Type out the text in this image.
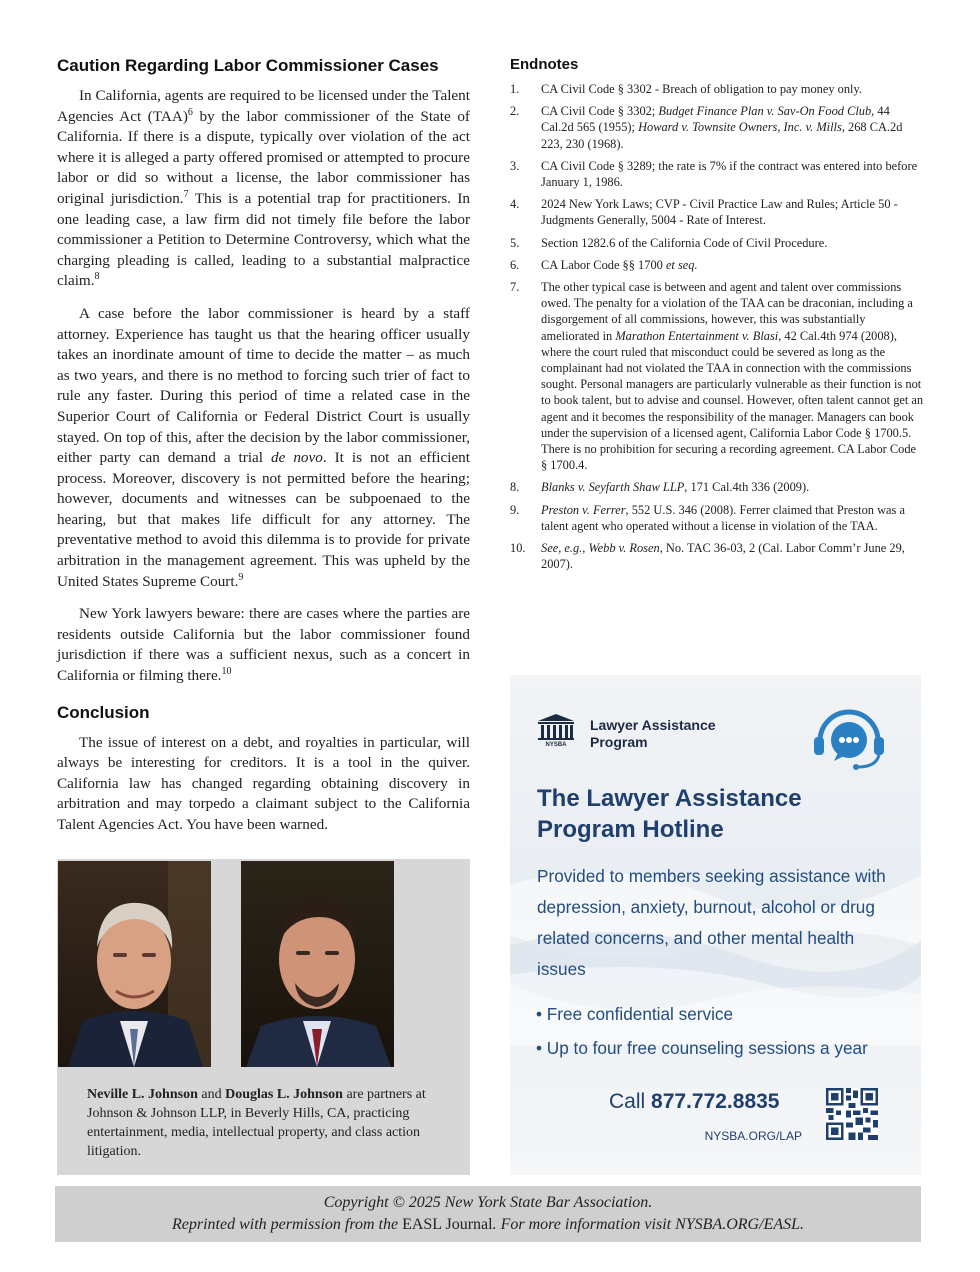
Caution Regarding Labor Commissioner Cases

In California, agents are required to be licensed under the Talent Agencies Act (TAA)$^6$ by the labor commissioner of the State of California. If there is a dispute, typically over violation of the act where it is alleged a party offered promised or attempted to procure labor or did so without a license, the labor commissioner has original jurisdiction.$^7$ This is a potential trap for practitioners. In one leading case, a law firm did not timely file before the labor commissioner a Petition to Determine Controversy, which what the charging pleading is called, leading to a substantial malpractice claim.$^8$

A case before the labor commissioner is heard by a staff attorney. Experience has taught us that the hearing officer usually takes an inordinate amount of time to decide the matter – as much as two years, and there is no method to forcing such trier of fact to rule any faster. During this period of time a related case in the Superior Court of California or Federal District Court is usually stayed. On top of this, after the decision by the labor commissioner, either party can demand a trial de novo. It is not an efficient process. Moreover, discovery is not permitted before the hearing; however, documents and witnesses can be subpoenaed to the hearing, but that makes life difficult for any attorney. The preventative method to avoid this dilemma is to provide for private arbitration in the management agreement. This was upheld by the United States Supreme Court.$^9$

New York lawyers beware: there are cases where the parties are residents outside California but the labor commissioner found jurisdiction if there was a sufficient nexus, such as a concert in California or filming there.$^{10}$

Conclusion

The issue of interest on a debt, and royalties in particular, will always be interesting for creditors. It is a tool in the quiver. California law has changed regarding obtaining discovery in arbitration and may torpedo a claimant subject to the California Talent Agencies Act. You have been warned.

Neville L. Johnson and Douglas L. Johnson are partners at Johnson & Johnson LLP, in Beverly Hills, CA, practicing entertainment, media, intellectual property, and class action litigation.

Endnotes
1.	CA Civil Code § 3302 - Breach of obligation to pay money only.
2.	CA Civil Code § 3302; Budget Finance Plan v. Sav-On Food Club, 44 Cal.2d 565 (1955); Howard v. Townsite Owners, Inc. v. Mills, 268 CA.2d 223, 230 (1968).
3.	CA Civil Code § 3289; the rate is 7% if the contract was entered into before January 1, 1986.
4.	2024 New York Laws; CVP - Civil Practice Law and Rules; Article 50 - Judgments Generally, 5004 - Rate of Interest.
5.	Section 1282.6 of the California Code of Civil Procedure.
6.	CA Labor Code §§ 1700 et seq.
7.	The other typical case is between and agent and talent over commissions owed. The penalty for a violation of the TAA can be draconian, including a disgorgement of all commissions, however, this was substantially ameliorated in Marathon Entertainment v. Blasi, 42 Cal.4th 974 (2008), where the court ruled that misconduct could be severed as long as the complainant had not violated the TAA in connection with the commissions sought. Personal managers are particularly vulnerable as their function is not to book talent, but to advise and counsel. However, often talent cannot get an agent and it becomes the responsibility of the manager. Managers can book under the supervision of a licensed agent, California Labor Code § 1700.5. There is no prohibition for securing a recording agreement. CA Labor Code § 1700.4.
8.	Blanks v. Seyfarth Shaw LLP, 171 Cal.4th 336 (2009).
9.	Preston v. Ferrer, 552 U.S. 346 (2008). Ferrer claimed that Preston was a talent agent who operated without a license in violation of the TAA.
10.	See, e.g., Webb v. Rosen, No. TAC 36-03, 2 (Cal. Labor Comm’r June 29, 2007).
NYSBA
Lawyer Assistance
Program
The Lawyer Assistance
Program Hotline

Provided to members seeking assistance with depression, anxiety, burnout, alcohol or drug related concerns, and other mental health issues

• Free confidential service
• Up to four free counseling sessions a year
Call 877.772.8835
NYSBA.ORG/LAP
Copyright © 2025 New York State Bar Association.
Reprinted with permission from the EASL Journal. For more information visit NYSBA.ORG/EASL.
